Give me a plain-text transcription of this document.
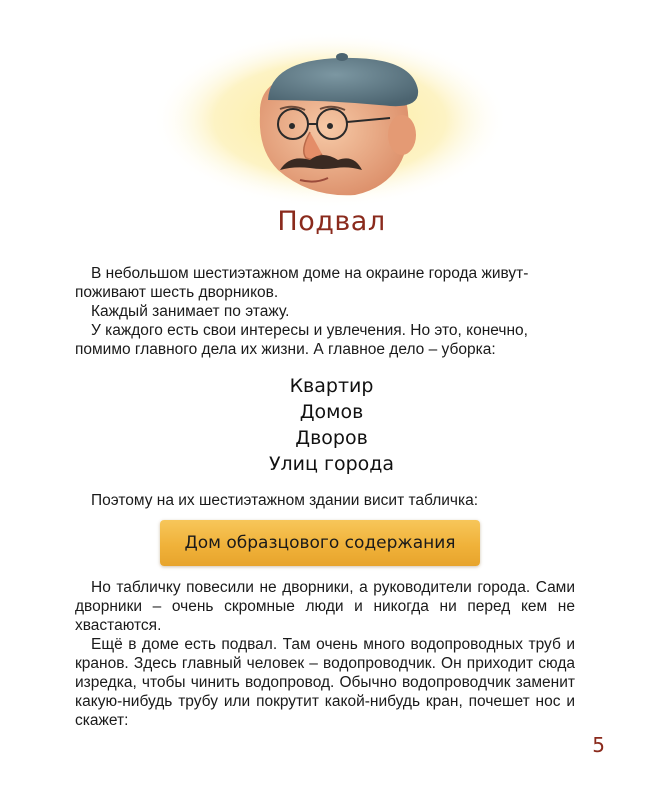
Подвал

В небольшом шестиэтажном доме на окраине города живут-поживают шесть дворников.

Каждый занимает по этажу.

У каждого есть свои интересы и увлечения. Но это, конечно, помимо главного дела их жизни. А главное дело – уборка:

Квартир
Домов
Дворов
Улиц города

Поэтому на их шестиэтажном здании висит табличка:

Дом образцового содержания

Но табличку повесили не дворники, а руководители города. Сами дворники – очень скромные люди и никогда ни перед кем не хвастаются.

Ещё в доме есть подвал. Там очень много водопроводных труб и кранов. Здесь главный человек – водопроводчик. Он приходит сюда изредка, чтобы чинить водопровод. Обычно водопроводчик заменит какую-нибудь трубу или покрутит какой-нибудь кран, почешет нос и скажет:

5
